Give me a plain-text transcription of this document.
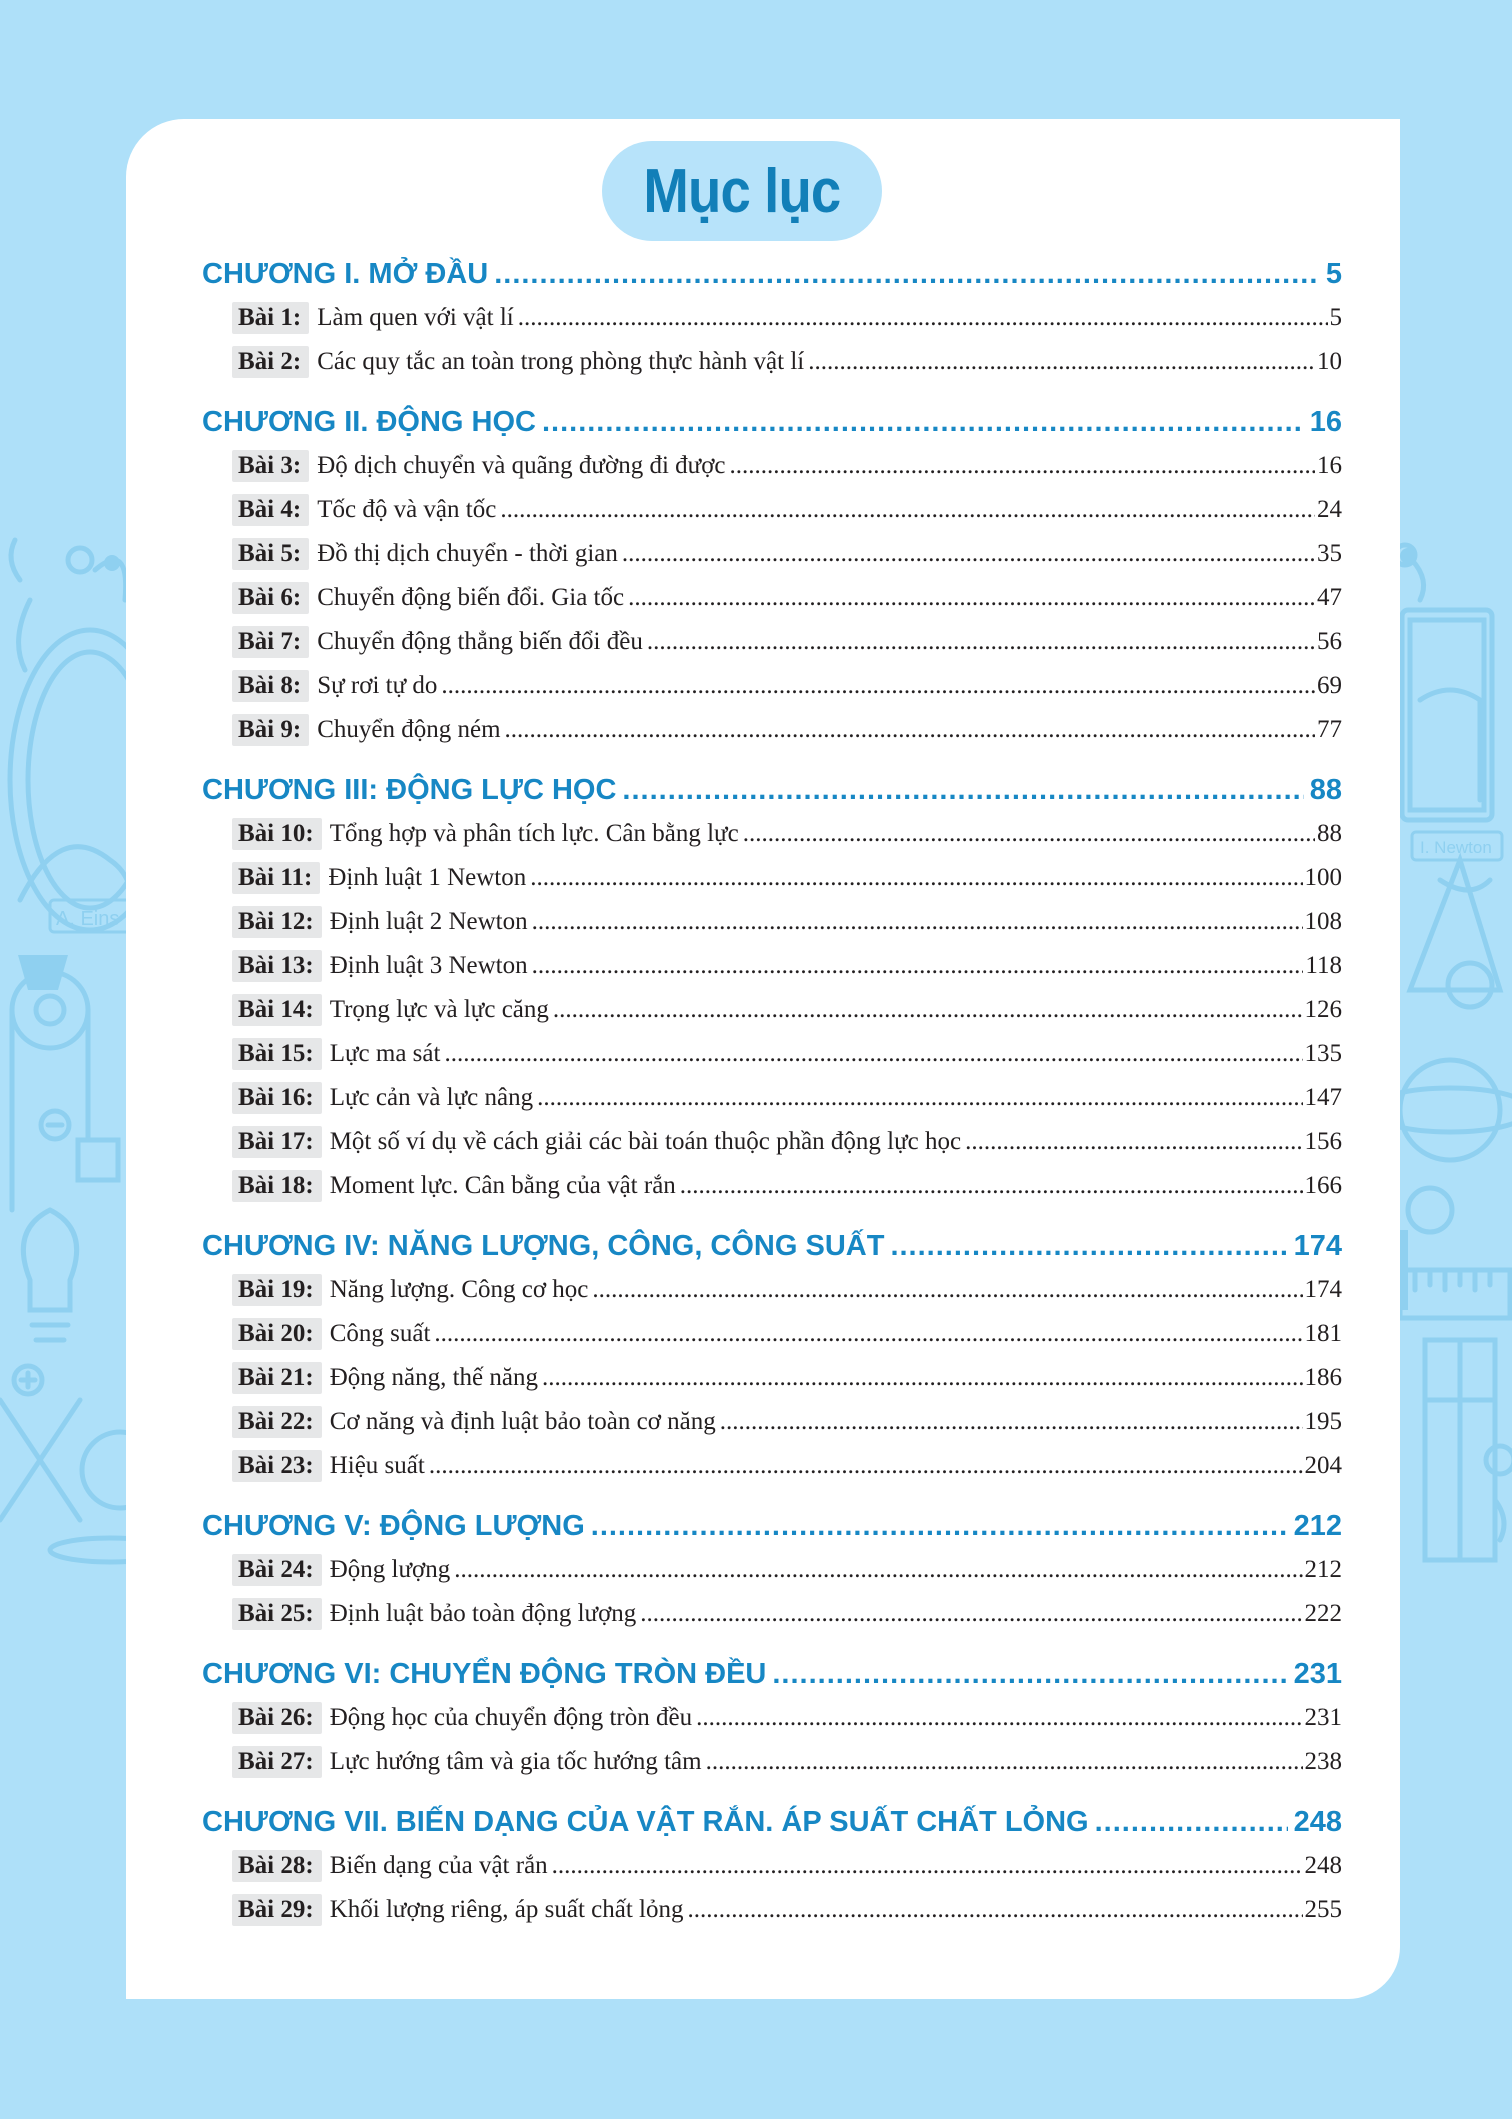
A. Eins
I. Newton
Mục lục
CHƯƠNG I. MỞ ĐẦU .....	5
Bài 1: Làm quen với vật lí .....	5
Bài 2: Các quy tắc an toàn trong phòng thực hành vật lí .....	10
CHƯƠNG II. ĐỘNG HỌC .....	16
Bài 3: Độ dịch chuyển và quãng đường đi được .....	16
Bài 4: Tốc độ và vận tốc .....	24
Bài 5: Đồ thị dịch chuyển - thời gian .....	35
Bài 6: Chuyển động biến đổi. Gia tốc .....	47
Bài 7: Chuyển động thẳng biến đổi đều .....	56
Bài 8: Sự rơi tự do .....	69
Bài 9: Chuyển động ném .....	77
CHƯƠNG III: ĐỘNG LỰC HỌC .....	88
Bài 10: Tổng hợp và phân tích lực. Cân bằng lực .....	88
Bài 11: Định luật 1 Newton .....	100
Bài 12: Định luật 2 Newton .....	108
Bài 13: Định luật 3 Newton .....	118
Bài 14: Trọng lực và lực căng .....	126
Bài 15: Lực ma sát .....	135
Bài 16: Lực cản và lực nâng .....	147
Bài 17: Một số ví dụ về cách giải các bài toán thuộc phần động lực học .....	156
Bài 18: Moment lực. Cân bằng của vật rắn .....	166
CHƯƠNG IV: NĂNG LƯỢNG, CÔNG, CÔNG SUẤT .....	174
Bài 19: Năng lượng. Công cơ học .....	174
Bài 20: Công suất .....	181
Bài 21: Động năng, thế năng .....	186
Bài 22: Cơ năng và định luật bảo toàn cơ năng .....	195
Bài 23: Hiệu suất .....	204
CHƯƠNG V: ĐỘNG LƯỢNG .....	212
Bài 24: Động lượng .....	212
Bài 25: Định luật bảo toàn động lượng .....	222
CHƯƠNG VI: CHUYỂN ĐỘNG TRÒN ĐỀU .....	231
Bài 26: Động học của chuyển động tròn đều .....	231
Bài 27: Lực hướng tâm và gia tốc hướng tâm .....	238
CHƯƠNG VII. BIẾN DẠNG CỦA VẬT RẮN. ÁP SUẤT CHẤT LỎNG .....	248
Bài 28: Biến dạng của vật rắn .....	248
Bài 29: Khối lượng riêng, áp suất chất lỏng .....	255
